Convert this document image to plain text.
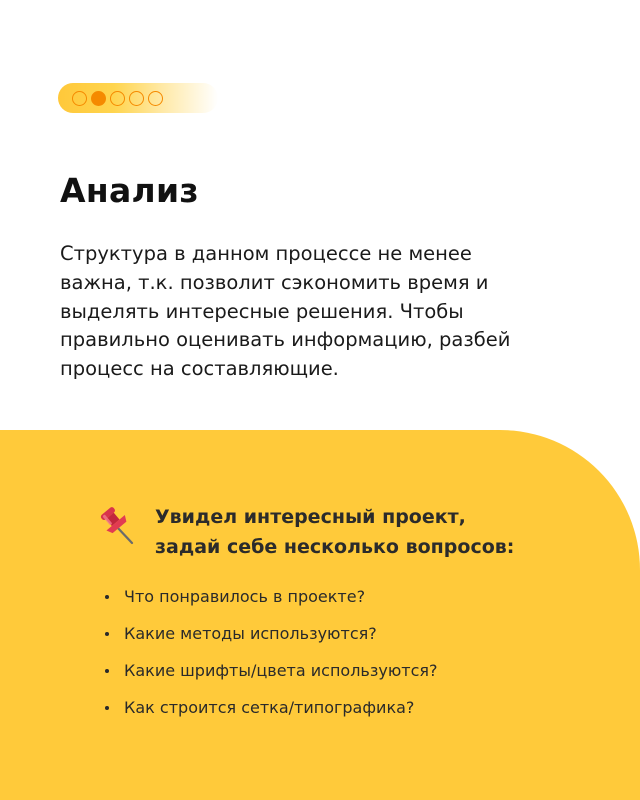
Анализ

Структура в данном процессе не менее
важна, т.к. позволит сэкономить время и
выделять интересные решения. Чтобы
правильно оценивать информацию, разбей
процесс на составляющие.

Увидел интересный проект,
задай себе несколько вопросов:

Что понравилось в проекте?
Какие методы используются?
Какие шрифты/цвета используются?
Как строится сетка/типографика?
